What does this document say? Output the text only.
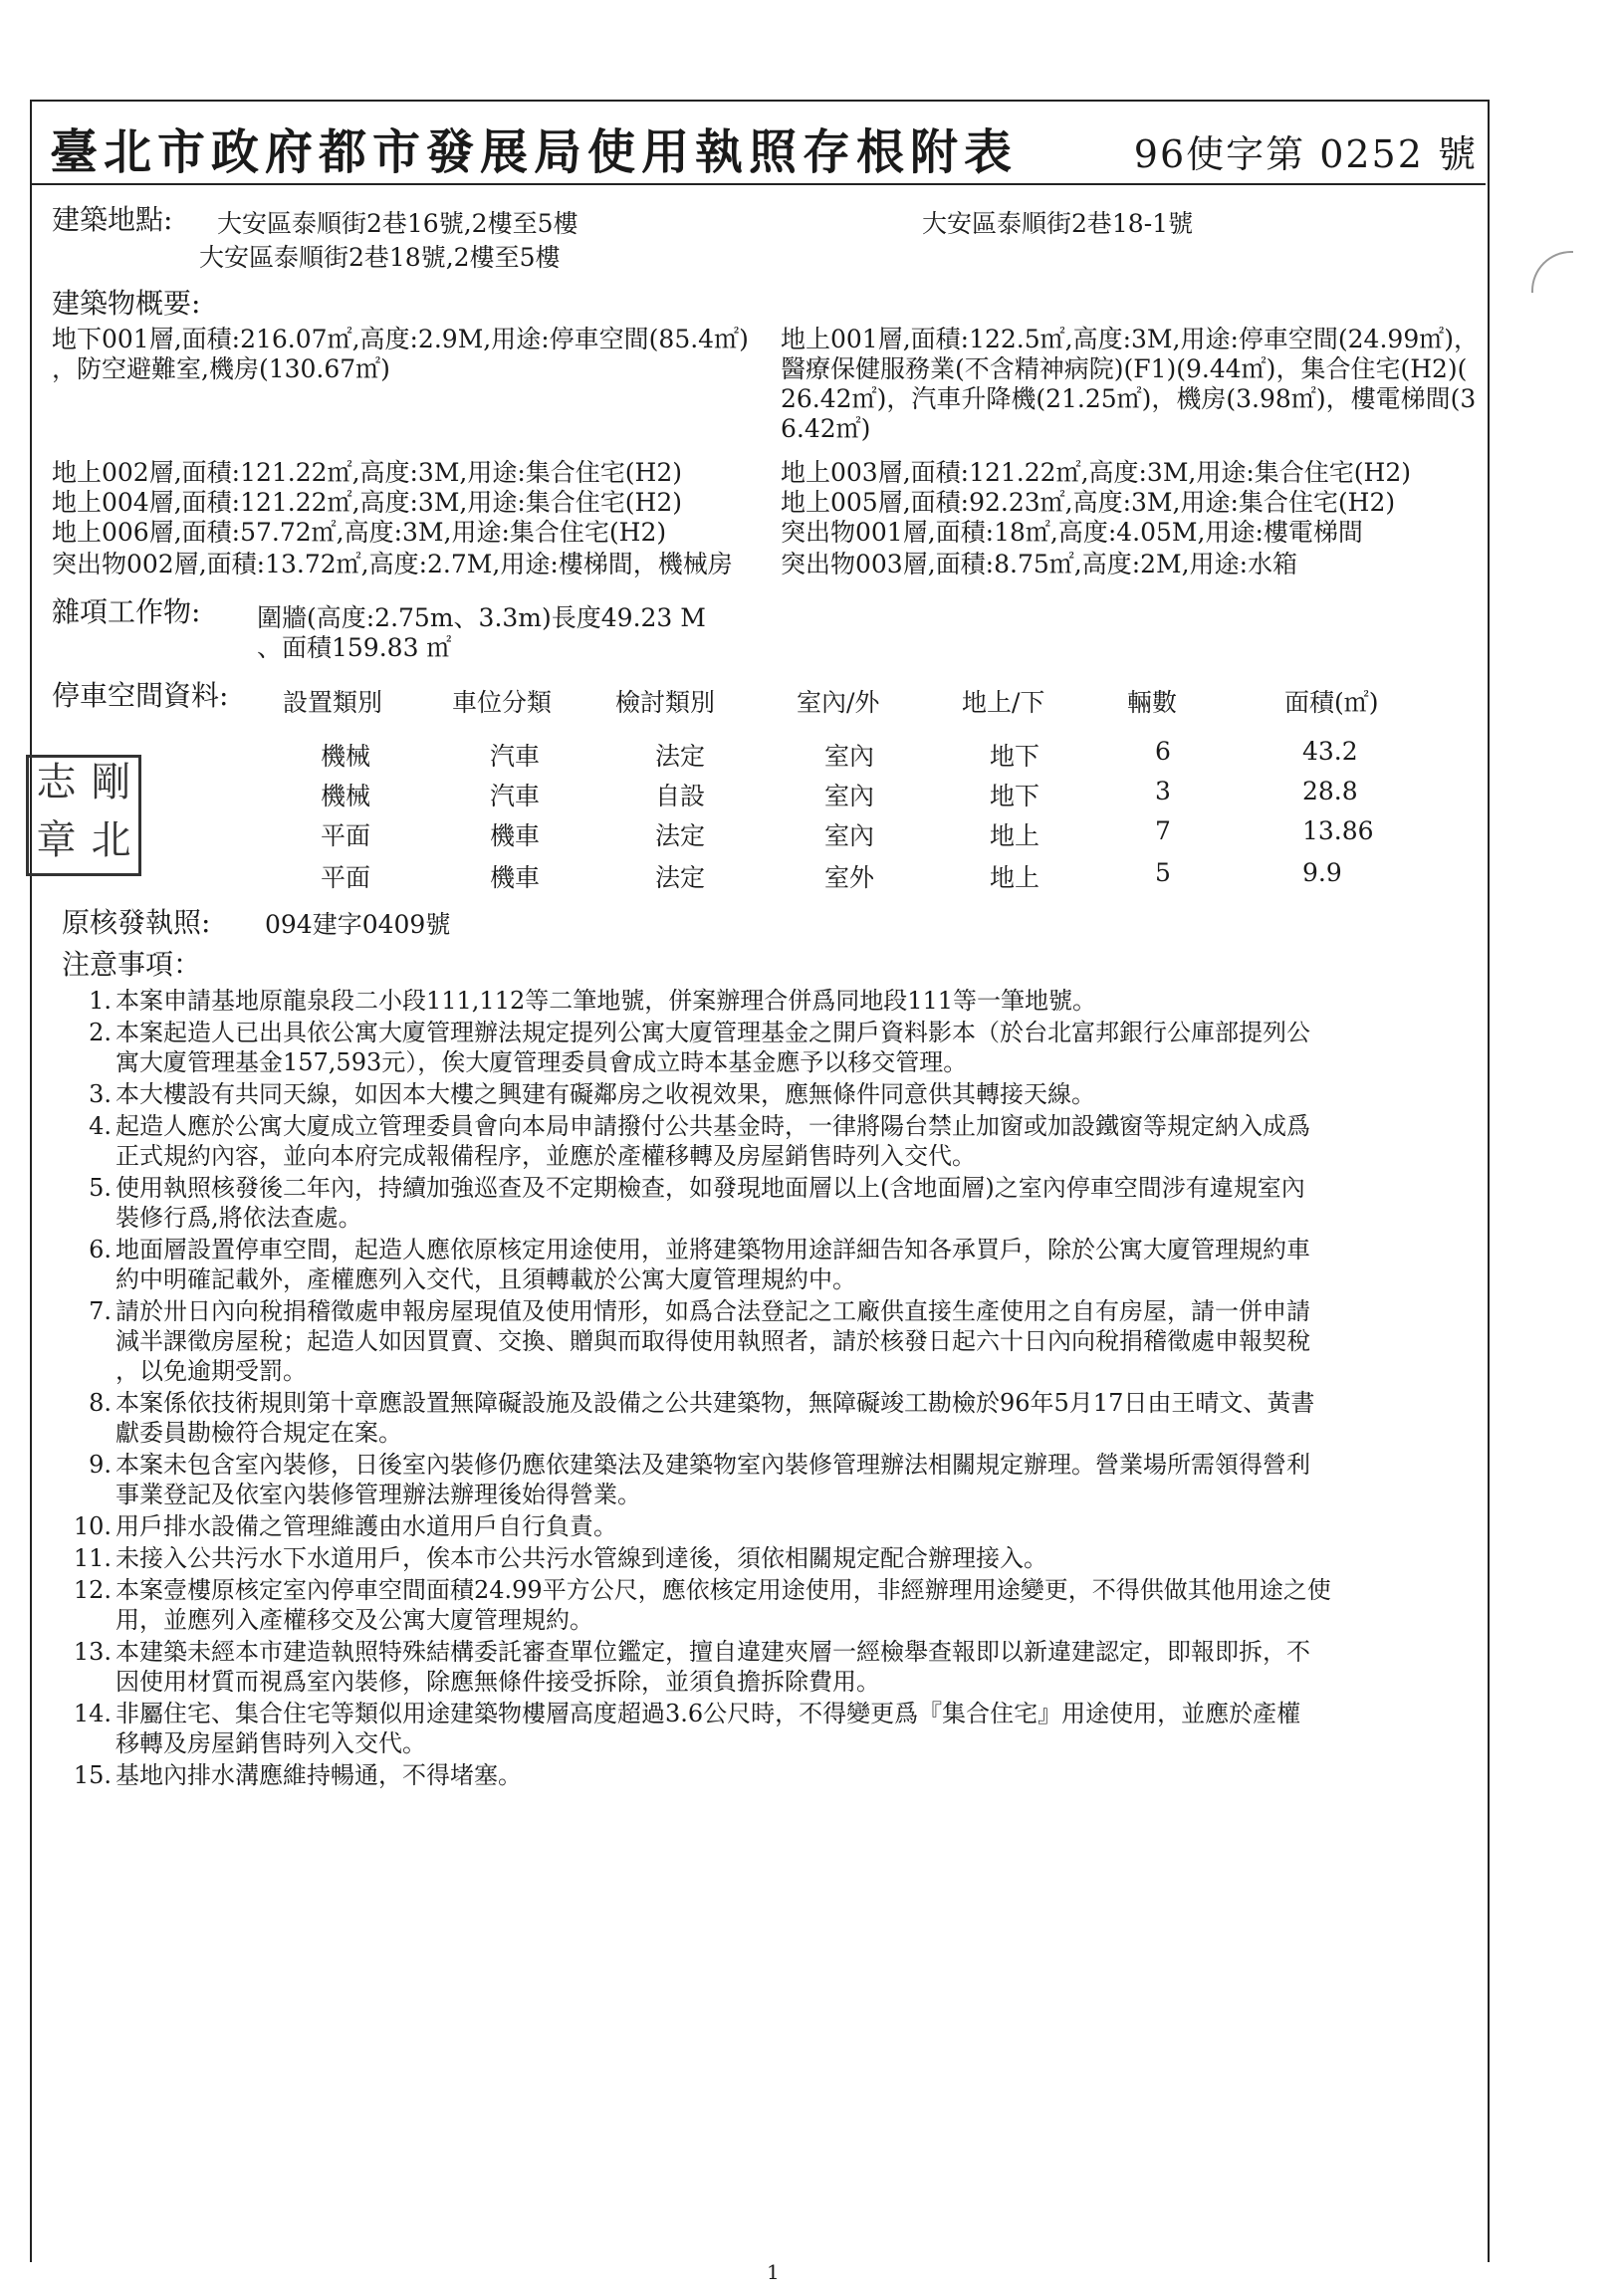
臺北市政府都市發展局使用執照存根附表	96使字第 0252 號
建築地點: 大安區泰順街2巷16號,2樓至5樓
大安區泰順街2巷18號,2樓至5樓
大安區泰順街2巷18-1號
建築物概要:
地下001層,面積:216.07㎡,高度:2.9M,用途:停車空間(85.4㎡)
，防空避難室,機房(130.67㎡)
地上001層,面積:122.5㎡,高度:3M,用途:停車空間(24.99㎡)，
醫療保健服務業(不含精神病院)(F1)(9.44㎡)，集合住宅(H2)(
26.42㎡)，汽車升降機(21.25㎡)，機房(3.98㎡)，樓電梯間(3
6.42㎡)
地上002層,面積:121.22㎡,高度:3M,用途:集合住宅(H2)	地上003層,面積:121.22㎡,高度:3M,用途:集合住宅(H2)
地上004層,面積:121.22㎡,高度:3M,用途:集合住宅(H2)	地上005層,面積:92.23㎡,高度:3M,用途:集合住宅(H2)
地上006層,面積:57.72㎡,高度:3M,用途:集合住宅(H2)	突出物001層,面積:18㎡,高度:4.05M,用途:樓電梯間
突出物002層,面積:13.72㎡,高度:2.7M,用途:樓梯間，機械房 突出物003層,面積:8.75㎡,高度:2M,用途:水箱
雜項工作物: 圍牆(高度:2.75m、3.3m)長度49.23 M
、面積159.83 ㎡
停車空間資料: 設置類別	車位分類	檢討類別	室內/外	地上/下	輛數	面積(㎡)
機械	汽車	法定	室內	地下	6	43.2
機械	汽車	自設	室內	地下	3	28.8
平面	機車	法定	室內	地上	7	13.86
平面	機車	法定	室外	地上	5	9.9
志 剛
章 北
原核發執照: 094建字0409號
注意事項：
1. 本案申請基地原龍泉段二小段111,112等二筆地號，併案辦理合併爲同地段111等一筆地號。
2. 本案起造人已出具依公寓大廈管理辦法規定提列公寓大廈管理基金之開戶資料影本（於台北富邦銀行公庫部提列公
寓大廈管理基金157,593元），俟大廈管理委員會成立時本基金應予以移交管理。
3. 本大樓設有共同天線，如因本大樓之興建有礙鄰房之收視效果，應無條件同意供其轉接天線。
4. 起造人應於公寓大廈成立管理委員會向本局申請撥付公共基金時，一律將陽台禁止加窗或加設鐵窗等規定納入成爲
正式規約內容，並向本府完成報備程序，並應於產權移轉及房屋銷售時列入交代。
5. 使用執照核發後二年內，持續加強巡查及不定期檢查，如發現地面層以上(含地面層)之室內停車空間涉有違規室內
裝修行爲,將依法查處。
6. 地面層設置停車空間，起造人應依原核定用途使用，並將建築物用途詳細告知各承買戶，除於公寓大廈管理規約車
約中明確記載外，產權應列入交代，且須轉載於公寓大廈管理規約中。
7. 請於卅日內向稅捐稽徵處申報房屋現值及使用情形，如爲合法登記之工廠供直接生產使用之自有房屋，請一併申請
減半課徵房屋稅；起造人如因買賣、交換、贈與而取得使用執照者，請於核發日起六十日內向稅捐稽徵處申報契稅
，以免逾期受罰。
8. 本案係依技術規則第十章應設置無障礙設施及設備之公共建築物，無障礙竣工勘檢於96年5月17日由王晴文、黃書
獻委員勘檢符合規定在案。
9. 本案未包含室內裝修，日後室內裝修仍應依建築法及建築物室內裝修管理辦法相關規定辦理。營業場所需領得營利
事業登記及依室內裝修管理辦法辦理後始得營業。
10. 用戶排水設備之管理維護由水道用戶自行負責。
11. 未接入公共污水下水道用戶，俟本市公共污水管線到達後，須依相關規定配合辦理接入。
12. 本案壹樓原核定室內停車空間面積24.99平方公尺，應依核定用途使用，非經辦理用途變更，不得供做其他用途之使
用，並應列入產權移交及公寓大廈管理規約。
13. 本建築未經本市建造執照特殊結構委託審查單位鑑定，擅自違建夾層一經檢舉查報即以新違建認定，即報即拆，不
因使用材質而視爲室內裝修，除應無條件接受拆除，並須負擔拆除費用。
14. 非屬住宅、集合住宅等類似用途建築物樓層高度超過3.6公尺時，不得變更爲『集合住宅』用途使用，並應於產權
移轉及房屋銷售時列入交代。
15. 基地內排水溝應維持暢通，不得堵塞。
1
